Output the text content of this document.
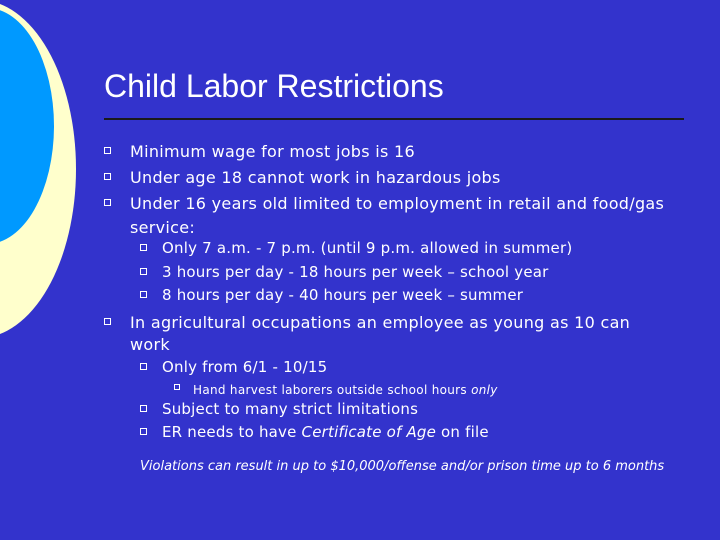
Child Labor Restrictions
Minimum wage for most jobs is 16
Under age 18 cannot work in hazardous jobs
Under 16 years old limited to employment in retail and food/gas
service:
Only 7 a.m. - 7 p.m. (until 9 p.m. allowed in summer)
3 hours per day - 18 hours per week – school year
8 hours per day - 40 hours per week – summer
In agricultural occupations an employee as young as 10 can
work
Only from 6/1 - 10/15
Hand harvest laborers outside school hours only
Subject to many strict limitations
ER needs to have Certificate of Age on file
Violations can result in up to $10,000/offense and/or prison time up to 6 months
